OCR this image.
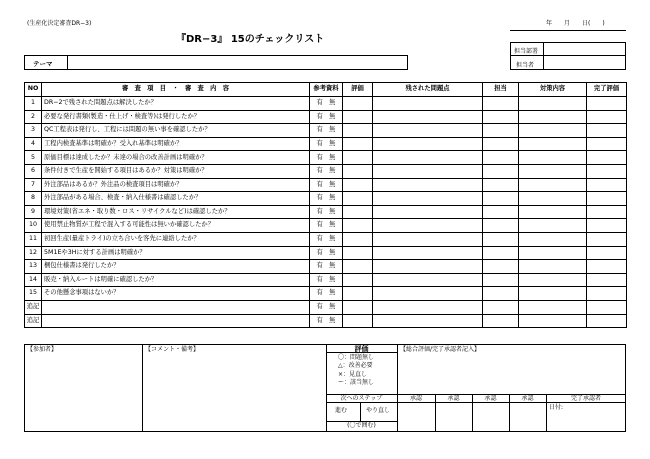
(生産化決定審査DR−3)
『DR−3』 15のチェックリスト
年　　月　　日(　　)
担当部署
担当者
テーマ
NO	審　査　項　目　・　審　査　内　容	参考資料	評価	残された問題点	担当	対策内容	完了評価
1	DR−2で残された問題点は解決したか？	有　無					
2	必要な発行書類(製造・仕上げ・検査等)は発行したか？	有　無					
3	QC工程表は発行し、工程には問題の無い事を確認したか？	有　無					
4	工程内検査基準は明確か？受入れ基準は明確か？	有　無					
5	原価目標は達成したか？未達の場合の改善計画は明確か？	有　無					
6	条件付きで生産を開始する項目はあるか？対策は明確か？	有　無					
7	外注部品はあるか？外注品の検査項目は明確か？	有　無					
8	外注部品がある場合、検査・納入仕様書は確認したか？	有　無					
9	環境対策(省エネ・取り数・ロス・リサイクルなど)は確認したか？	有　無					
10	使用禁止物質が工程で混入する可能性は無いか確認したか？	有　無					
11	初回生産(量産トライ)の立ち合いを客先に連絡したか？	有　無					
12	5M1Eや3Hに対する計画は明確か？	有　無					
13	梱包仕様書は発行したか？	有　無					
14	販売・納入ルートは明確に確認したか？	有　無					
15	その他懸念事項はないか？	有　無					
追記		有　無					
追記		有　無					
【参加者】	【コメント・備考】	【総合評価/完了承認者記入】
評価
〇：問題無し
△：改善必要
×：見直し
ー：該当無し
次へのステップ
進む	やり直し
(〇で囲む)
承認	承認	承認	承認	完了承認者
日付:
